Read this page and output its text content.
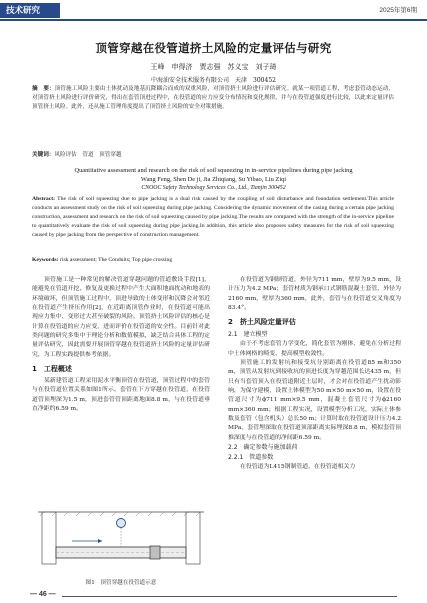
技术研究	2025年第6期
顶管穿越在役管道挤土风险的定量评估与研究
王峰　申得济　贾志强　苏义宝　刘子琦
中海油安全技术服务有限公司　天津　300452
摘　要：顶管施工风险主要由土体扰动及地基沉降耦合而成的双重风险，对顶管挤土风险进行评估研究。就某一项管道工程，考虑套管动态运动，对顶管挤土风险进行评价研究，得出在套管顶进过程中，在役管道的应力应变分布情况和变化规律，并与在役管道强度进行比较，以此来定量评估顶管挤土风险。此外，还从施工管理角度提出了顶管挤土风险的安全对策措施。
关键词：风险评估　管道　顶管穿越
Quantitative assessment and research on the risk of soil squeezing in in-service pipelines during pipe jacking
Wang Feng, Shen De ji, Jia Zhiqiang, Su Yibao, Liu Ziqi
CNOOC Safety Technology Services Co., Ltd., Tianjin 300452
Abstract: The risk of soil squeezing due to pipe jacking is a dual risk caused by the coupling of soil disturbance and foundation settlement.This article conducts an assessment study on the risk of soil squeezing during pipe jacking. Considering the dynamic movement of the casing during a certain pipe jacking construction, assessment and research on the risk of soil squeezing caused by pipe jacking.The results are compared with the strength of the in-service pipeline to quantitatively evaluate the risk of soil squeezing during pipe jacking.In addition, this article also proposes safety measures for the risk of soil squeezing caused by pipe jacking from the perspective of construction management.
Keywords: risk assessment; The Conduits; Top pipe crossing

顶管施工是一种常见的解决管道穿越问题的管道敷设手段[1]，能避免在管道开挖、修复及更换过程中产生大面积地面扰动和地表的环境破坏，但顶管施工过程中，顶进导致的土体变形和沉降会对邻近在役管道产生挤压作用[2]，在近距离顶管作业时，在役管道可能出现应力集中、变形过大甚至破裂的风险。顶管挤土风险评估的核心是计算在役管道的应力应变，进而评价在役管道的安全性。目前针对此类问题的研究多集中于理论分析和数值模拟，缺乏结合具体工程的定量评估研究，因此需要开展顶管穿越在役管道挤土风险的定量评估研究，为工程实践提供参考依据。

1　工程概述

某新建管道工程采用泥水平衡顶管在役管道，顶管过程中的套管与在役管道位置关系如图1所示。套管在下方穿越在役管道，在役管道管顶埋深为1.5 m，顶进套管管顶距离地面8.8 m，与在役管道垂直净距约6.59 m。

图1　顶管穿越在役管道示意

在役管道为钢制管道，外径为711 mm，壁厚为9.5 mm，设计压力为4.2 MPa；套管材质为钢承口式钢筋混凝土套管，外径为2160 mm，壁厚为360 mm，此外，套管与在役管道交叉角度为83.4°。

2　挤土风险定量评估
2.1　建立模型

由于不考虑套管力学变化，简化套管为刚体，避免在分析过程中土体网格的畸变，提高模型收敛性。

顶管施工的发射坑和接受坑分别距离在役管道85 m和350 m，顶管从发射坑到接收坑的顶进长度为穿越范围长达435 m，但只有当套管顶入在役管道附近土层时，才会对在役管道产生扰动影响，为保守建模，设置土体模型为50 m×50 m×50 m，设置在役管道尺寸为ϕ711 mm×9.5 mm，混凝土套管尺寸为ϕ2160 mm×360 mm；根据工程实况，设置模型分析工况，实际土体参数及套管（包含机头）总长50 m；计算时取在役管道设计压力4.2 MPa，套管埋深取在役管道顶部距离实际埋深8.8 m，模拟套管顶推深度与在役管道的净间距6.59 m。

2.2　确定参数与施加载荷
2.2.1　管道参数

在役管道为L415钢制管道，在役管道相关力

— 46 —
